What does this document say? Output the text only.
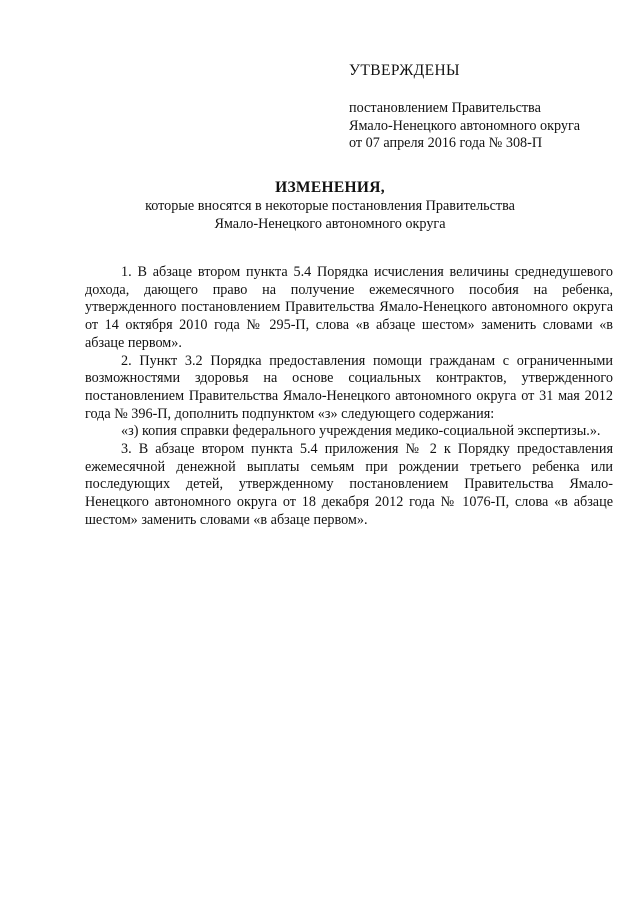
УТВЕРЖДЕНЫ
постановлением Правительства
Ямало-Ненецкого автономного округа
от 07 апреля 2016 года № 308-П
ИЗМЕНЕНИЯ,
которые вносятся в некоторые постановления Правительства
Ямало-Ненецкого автономного округа

1. В абзаце втором пункта 5.4 Порядка исчисления величины среднедушевого дохода, дающего право на получение ежемесячного пособия на ребенка, утвержденного постановлением Правительства Ямало-Ненецкого автономного округа от 14 октября 2010 года № 295-П, слова «в абзаце шестом» заменить словами «в абзаце первом».

2. Пункт 3.2 Порядка предоставления помощи гражданам с ограниченными возможностями здоровья на основе социальных контрактов, утвержденного постановлением Правительства Ямало-Ненецкого автономного округа от 31 мая 2012 года № 396-П, дополнить подпунктом «з» следующего содержания:

«з) копия справки федерального учреждения медико-социальной экспертизы.».

3. В абзаце втором пункта 5.4 приложения № 2 к Порядку предоставления ежемесячной денежной выплаты семьям при рождении третьего ребенка или последующих детей, утвержденному постановлением Правительства Ямало-Ненецкого автономного округа от 18 декабря 2012 года № 1076-П, слова «в абзаце шестом» заменить словами «в абзаце первом».
